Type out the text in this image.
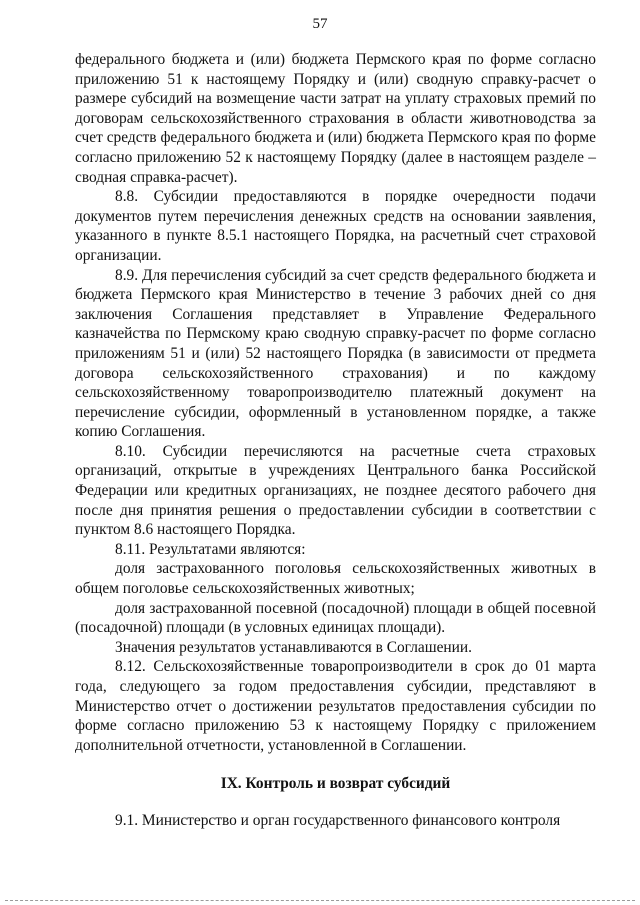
57

федерального бюджета и (или) бюджета Пермского края по форме согласно приложению 51 к настоящему Порядку и (или) сводную справку-расчет о размере субсидий на возмещение части затрат на уплату страховых премий по договорам сельскохозяйственного страхования в области животноводства за счет средств федерального бюджета и (или) бюджета Пермского края по форме согласно приложению 52 к настоящему Порядку (далее в настоящем разделе – сводная справка-расчет).

8.8. Субсидии предоставляются в порядке очередности подачи документов путем перечисления денежных средств на основании заявления, указанного в пункте 8.5.1 настоящего Порядка, на расчетный счет страховой организации.

8.9. Для перечисления субсидий за счет средств федерального бюджета и бюджета Пермского края Министерство в течение 3 рабочих дней со дня заключения Соглашения представляет в Управление Федерального казначейства по Пермскому краю сводную справку-расчет по форме согласно приложениям 51 и (или) 52 настоящего Порядка (в зависимости от предмета договора сельскохозяйственного страхования) и по каждому сельскохозяйственному товаропроизводителю платежный документ на перечисление субсидии, оформленный в установленном порядке, а также копию Соглашения.

8.10. Субсидии перечисляются на расчетные счета страховых организаций, открытые в учреждениях Центрального банка Российской Федерации или кредитных организациях, не позднее десятого рабочего дня после дня принятия решения о предоставлении субсидии в соответствии с пунктом 8.6 настоящего Порядка.

8.11. Результатами являются:

доля застрахованного поголовья сельскохозяйственных животных в общем поголовье сельскохозяйственных животных;

доля застрахованной посевной (посадочной) площади в общей посевной (посадочной) площади (в условных единицах площади).

Значения результатов устанавливаются в Соглашении.

8.12. Сельскохозяйственные товаропроизводители в срок до 01 марта года, следующего за годом предоставления субсидии, представляют в Министерство отчет о достижении результатов предоставления субсидии по форме согласно приложению 53 к настоящему Порядку с приложением дополнительной отчетности, установленной в Соглашении.

IX. Контроль и возврат субсидий

9.1. Министерство и орган государственного финансового контроля
